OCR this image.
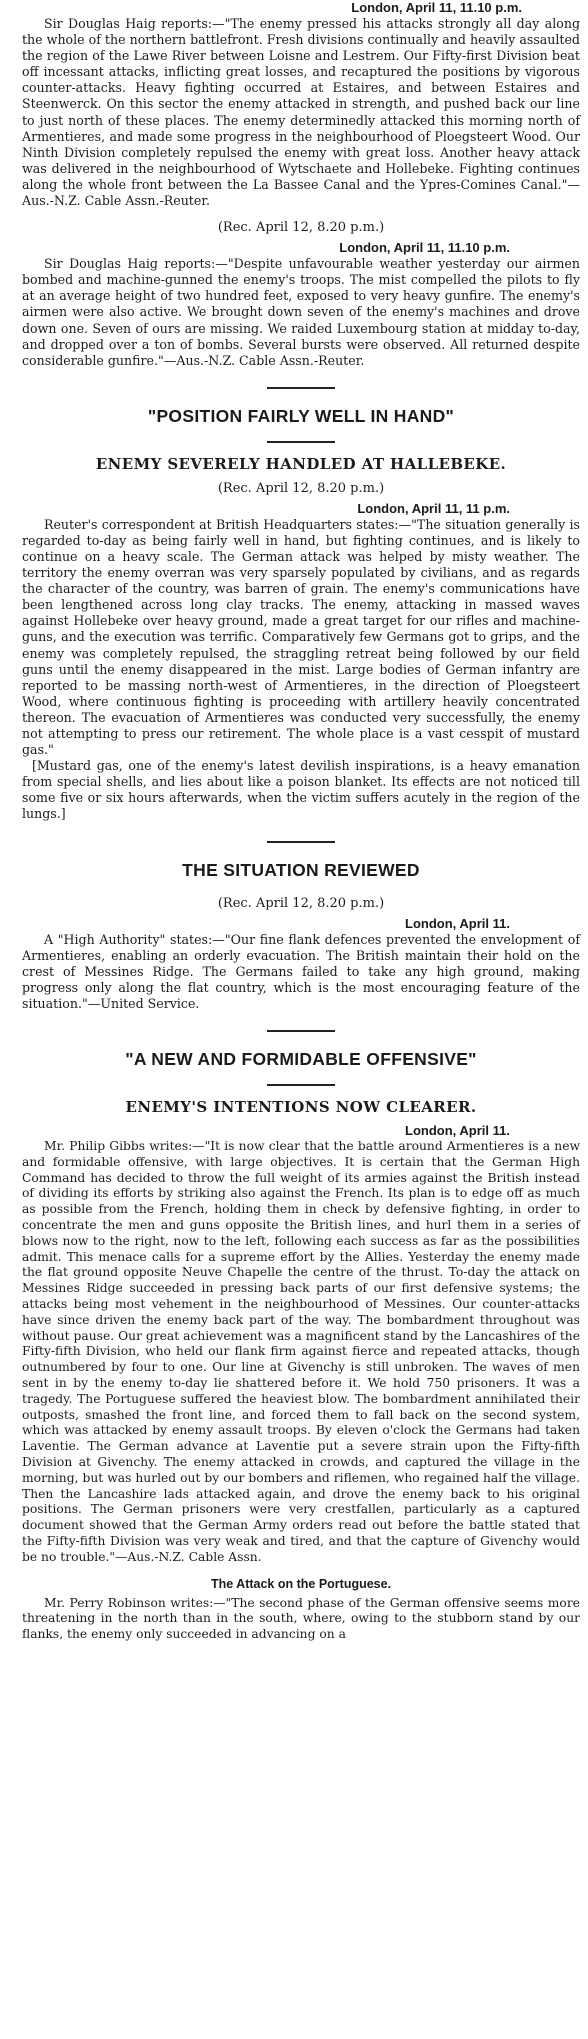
London, April 11, 11.10 p.m.

Sir Douglas Haig reports:—"The enemy pressed his attacks strongly all day along the whole of the northern battlefront. Fresh divisions continually and heavily assaulted the region of the Lawe River between Loisne and Lestrem. Our Fifty-first Division beat off incessant attacks, inflicting great losses, and recaptured the positions by vigorous counter-attacks. Heavy fighting occurred at Estaires, and between Estaires and Steenwerck. On this sector the enemy attacked in strength, and pushed back our line to just north of these places. The enemy determinedly attacked this morning north of Armentieres, and made some progress in the neighbourhood of Ploegsteert Wood. Our Ninth Division completely repulsed the enemy with great loss. Another heavy attack was delivered in the neighbourhood of Wytschaete and Hollebeke. Fighting continues along the whole front between the La Bassee Canal and the Ypres-Comines Canal."—Aus.-N.Z. Cable Assn.-Reuter.

(Rec. April 12, 8.20 p.m.)

London, April 11, 11.10 p.m.

Sir Douglas Haig reports:—"Despite unfavourable weather yesterday our airmen bombed and machine-gunned the enemy's troops. The mist compelled the pilots to fly at an average height of two hundred feet, exposed to very heavy gunfire. The enemy's airmen were also active. We brought down seven of the enemy's machines and drove down one. Seven of ours are missing. We raided Luxembourg station at midday to-day, and dropped over a ton of bombs. Several bursts were observed. All returned despite considerable gunfire."—Aus.-N.Z. Cable Assn.-Reuter.

"POSITION FAIRLY WELL IN HAND"
ENEMY SEVERELY HANDLED AT HALLEBEKE.

(Rec. April 12, 8.20 p.m.)

London, April 11, 11 p.m.

Reuter's correspondent at British Headquarters states:—"The situation generally is regarded to-day as being fairly well in hand, but fighting continues, and is likely to continue on a heavy scale. The German attack was helped by misty weather. The territory the enemy overran was very sparsely populated by civilians, and as regards the character of the country, was barren of grain. The enemy's communications have been lengthened across long clay tracks. The enemy, attacking in massed waves against Hollebeke over heavy ground, made a great target for our rifles and machine-guns, and the execution was terrific. Comparatively few Germans got to grips, and the enemy was completely repulsed, the straggling retreat being followed by our field guns until the enemy disappeared in the mist. Large bodies of German infantry are reported to be massing north-west of Armentieres, in the direction of Ploegsteert Wood, where continuous fighting is proceeding with artillery heavily concentrated thereon. The evacuation of Armentieres was conducted very successfully, the enemy not attempting to press our retirement. The whole place is a vast cesspit of mustard gas."

[Mustard gas, one of the enemy's latest devilish inspirations, is a heavy emanation from special shells, and lies about like a poison blanket. Its effects are not noticed till some five or six hours afterwards, when the victim suffers acutely in the region of the lungs.]

THE SITUATION REVIEWED

(Rec. April 12, 8.20 p.m.)

London, April 11.

A "High Authority" states:—"Our fine flank defences prevented the envelopment of Armentieres, enabling an orderly evacuation. The British maintain their hold on the crest of Messines Ridge. The Germans failed to take any high ground, making progress only along the flat country, which is the most encouraging feature of the situation."—United Service.

"A NEW AND FORMIDABLE OFFENSIVE"
ENEMY'S INTENTIONS NOW CLEARER.

London, April 11.

Mr. Philip Gibbs writes:—"It is now clear that the battle around Armentieres is a new and formidable offensive, with large objectives. It is certain that the German High Command has decided to throw the full weight of its armies against the British instead of dividing its efforts by striking also against the French. Its plan is to edge off as much as possible from the French, holding them in check by defensive fighting, in order to concentrate the men and guns opposite the British lines, and hurl them in a series of blows now to the right, now to the left, following each success as far as the possibilities admit. This menace calls for a supreme effort by the Allies. Yesterday the enemy made the flat ground opposite Neuve Chapelle the centre of the thrust. To-day the attack on Messines Ridge succeeded in pressing back parts of our first defensive systems; the attacks being most vehement in the neighbourhood of Messines. Our counter-attacks have since driven the enemy back part of the way. The bombardment throughout was without pause. Our great achievement was a magnificent stand by the Lancashires of the Fifty-fifth Division, who held our flank firm against fierce and repeated attacks, though outnumbered by four to one. Our line at Givenchy is still unbroken. The waves of men sent in by the enemy to-day lie shattered before it. We hold 750 prisoners. It was a tragedy. The Portuguese suffered the heaviest blow. The bombardment annihilated their outposts, smashed the front line, and forced them to fall back on the second system, which was attacked by enemy assault troops. By eleven o'clock the Germans had taken Laventie. The German advance at Laventie put a severe strain upon the Fifty-fifth Division at Givenchy. The enemy attacked in crowds, and captured the village in the morning, but was hurled out by our bombers and riflemen, who regained half the village. Then the Lancashire lads attacked again, and drove the enemy back to his original positions. The German prisoners were very crestfallen, particularly as a captured document showed that the German Army orders read out before the battle stated that the Fifty-fifth Division was very weak and tired, and that the capture of Givenchy would be no trouble."—Aus.-N.Z. Cable Assn.

The Attack on the Portuguese.

Mr. Perry Robinson writes:—"The second phase of the German offensive seems more threatening in the north than in the south, where, owing to the stubborn stand by our flanks, the enemy only succeeded in advancing on a
